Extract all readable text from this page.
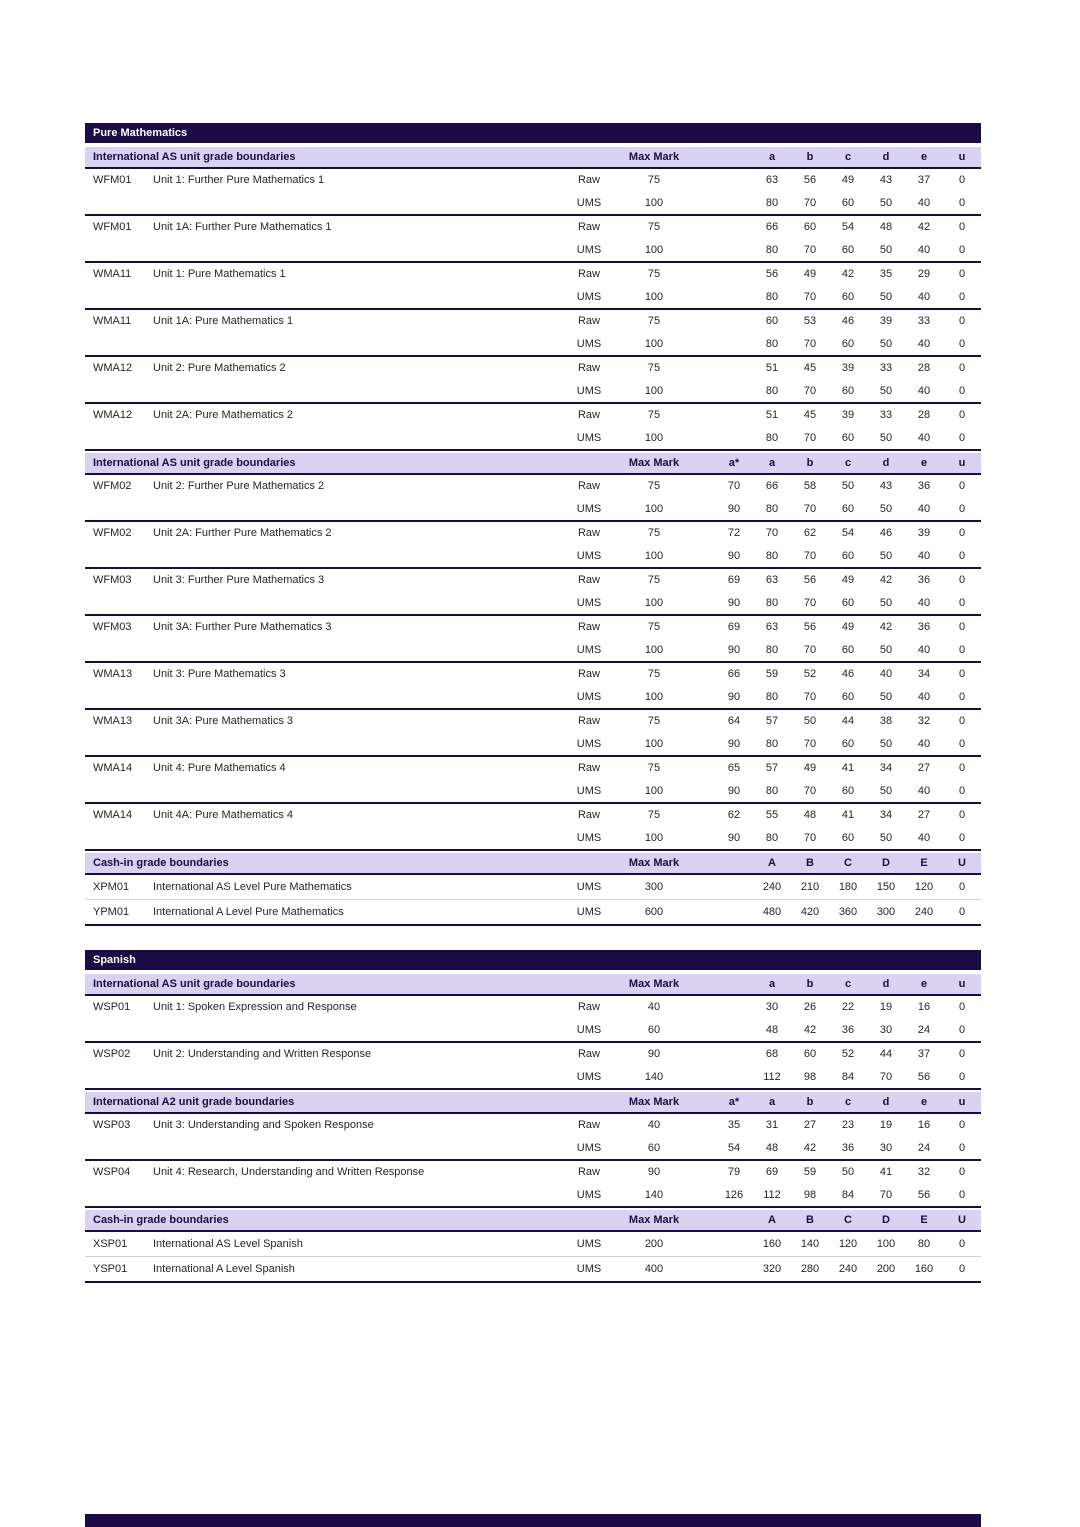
Pure Mathematics
International AS unit grade boundaries	Max Mark	a	b	c	d	e	u
WFM01	Unit 1: Further Pure Mathematics 1	Raw	75	63	56	49	43	37	0
UMS	100	80	70	60	50	40	0
WFM01	Unit 1A: Further Pure Mathematics 1	Raw	75	66	60	54	48	42	0
UMS	100	80	70	60	50	40	0
WMA11	Unit 1: Pure Mathematics 1	Raw	75	56	49	42	35	29	0
UMS	100	80	70	60	50	40	0
WMA11	Unit 1A: Pure Mathematics 1	Raw	75	60	53	46	39	33	0
UMS	100	80	70	60	50	40	0
WMA12	Unit 2: Pure Mathematics 2	Raw	75	51	45	39	33	28	0
UMS	100	80	70	60	50	40	0
WMA12	Unit 2A: Pure Mathematics 2	Raw	75	51	45	39	33	28	0
UMS	100	80	70	60	50	40	0
International AS unit grade boundaries	Max Mark	a*	a	b	c	d	e	u
WFM02	Unit 2: Further Pure Mathematics 2	Raw	75	70	66	58	50	43	36	0
UMS	100	90	80	70	60	50	40	0
WFM02	Unit 2A: Further Pure Mathematics 2	Raw	75	72	70	62	54	46	39	0
UMS	100	90	80	70	60	50	40	0
WFM03	Unit 3: Further Pure Mathematics 3	Raw	75	69	63	56	49	42	36	0
UMS	100	90	80	70	60	50	40	0
WFM03	Unit 3A: Further Pure Mathematics 3	Raw	75	69	63	56	49	42	36	0
UMS	100	90	80	70	60	50	40	0
WMA13	Unit 3: Pure Mathematics 3	Raw	75	66	59	52	46	40	34	0
UMS	100	90	80	70	60	50	40	0
WMA13	Unit 3A: Pure Mathematics 3	Raw	75	64	57	50	44	38	32	0
UMS	100	90	80	70	60	50	40	0
WMA14	Unit 4: Pure Mathematics 4	Raw	75	65	57	49	41	34	27	0
UMS	100	90	80	70	60	50	40	0
WMA14	Unit 4A: Pure Mathematics 4	Raw	75	62	55	48	41	34	27	0
UMS	100	90	80	70	60	50	40	0
Cash-in grade boundaries	Max Mark	A	B	C	D	E	U
XPM01	International AS Level Pure Mathematics	UMS	300	240	210	180	150	120	0
YPM01	International A Level Pure Mathematics	UMS	600	480	420	360	300	240	0
Spanish
International AS unit grade boundaries	Max Mark	a	b	c	d	e	u
WSP01	Unit 1: Spoken Expression and Response	Raw	40	30	26	22	19	16	0
UMS	60	48	42	36	30	24	0
WSP02	Unit 2: Understanding and Written Response	Raw	90	68	60	52	44	37	0
UMS	140	112	98	84	70	56	0
International A2 unit grade boundaries	Max Mark	a*	a	b	c	d	e	u
WSP03	Unit 3: Understanding and Spoken Response	Raw	40	35	31	27	23	19	16	0
UMS	60	54	48	42	36	30	24	0
WSP04	Unit 4: Research, Understanding and Written Response	Raw	90	79	69	59	50	41	32	0
UMS	140	126	112	98	84	70	56	0
Cash-in grade boundaries	Max Mark	A	B	C	D	E	U
XSP01	International AS Level Spanish	UMS	200	160	140	120	100	80	0
YSP01	International A Level Spanish	UMS	400	320	280	240	200	160	0
